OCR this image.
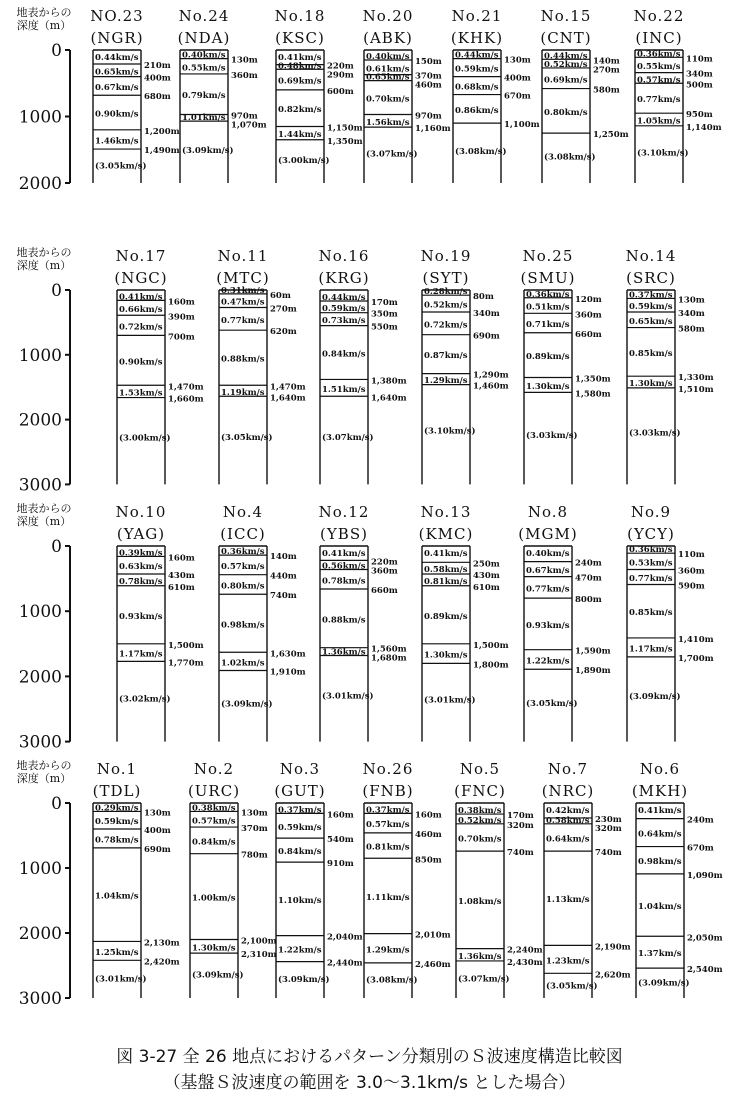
地表からの
深度（m）
0
1000
2000
NO.23
(NGR)
0.44km/s
0.65km/s
0.67km/s
0.90km/s
1.46km/s
(3.05km/s)
210m
400m
680m
1,200m
1,490m
No.24
(NDA)
0.40km/s
0.55km/s
0.79km/s
1.01km/s
(3.09km/s)
130m
360m
970m
1,070m
No.18
(KSC)
0.41km/s
0.48km/s
0.69km/s
0.82km/s
1.44km/s
(3.00km/s)
220m
290m
600m
1,150m
1,350m
No.20
(ABK)
0.40km/s
0.61km/s
0.65km/s
0.70km/s
1.56km/s
(3.07km/s)
150m
370m
460m
970m
1,160m
No.21
(KHK)
0.44km/s
0.59km/s
0.68km/s
0.86km/s
(3.08km/s)
130m
400m
670m
1,100m
No.15
(CNT)
0.44km/s
0.52km/s
0.69km/s
0.80km/s
(3.08km/s)
140m
270m
580m
1,250m
No.22
(INC)
0.36km/s
0.55km/s
0.57km/s
0.77km/s
1.05km/s
(3.10km/s)
110m
340m
500m
950m
1,140m
地表からの
深度（m）
0
1000
2000
3000
No.17
(NGC)
0.41km/s
0.66km/s
0.72km/s
0.90km/s
1.53km/s
(3.00km/s)
160m
390m
700m
1,470m
1,660m
No.11
(MTC)
0.31km/s
0.47km/s
0.77km/s
0.88km/s
1.19km/s
(3.05km/s)
60m
270m
620m
1,470m
1,640m
No.16
(KRG)
0.44km/s
0.59km/s
0.73km/s
0.84km/s
1.51km/s
(3.07km/s)
170m
350m
550m
1,380m
1,640m
No.19
(SYT)
0.28km/s
0.52km/s
0.72km/s
0.87km/s
1.29km/s
(3.10km/s)
80m
340m
690m
1,290m
1,460m
No.25
(SMU)
0.36km/s
0.51km/s
0.71km/s
0.89km/s
1.30km/s
(3.03km/s)
120m
360m
660m
1,350m
1,580m
No.14
(SRC)
0.37km/s
0.59km/s
0.65km/s
0.85km/s
1.30km/s
(3.03km/s)
130m
340m
580m
1,330m
1,510m
地表からの
深度（m）
0
1000
2000
3000
No.10
(YAG)
0.39km/s
0.63km/s
0.78km/s
0.93km/s
1.17km/s
(3.02km/s)
160m
430m
610m
1,500m
1,770m
No.4
(ICC)
0.36km/s
0.57km/s
0.80km/s
0.98km/s
1.02km/s
(3.09km/s)
140m
440m
740m
1,630m
1,910m
No.12
(YBS)
0.41km/s
0.56km/s
0.78km/s
0.88km/s
1.36km/s
(3.01km/s)
220m
360m
660m
1,560m
1,680m
No.13
(KMC)
0.41km/s
0.58km/s
0.81km/s
0.89km/s
1.30km/s
(3.01km/s)
250m
430m
610m
1,500m
1,800m
No.8
(MGM)
0.40km/s
0.67km/s
0.77km/s
0.93km/s
1.22km/s
(3.05km/s)
240m
470m
800m
1,590m
1,890m
No.9
(YCY)
0.36km/s
0.53km/s
0.77km/s
0.85km/s
1.17km/s
(3.09km/s)
110m
360m
590m
1,410m
1,700m
地表からの
深度（m）
0
1000
2000
3000
No.1
(TDL)
0.29km/s
0.59km/s
0.78km/s
1.04km/s
1.25km/s
(3.01km/s)
130m
400m
690m
2,130m
2,420m
No.2
(URC)
0.38km/s
0.57km/s
0.84km/s
1.00km/s
1.30km/s
(3.09km/s)
130m
370m
780m
2,100m
2,310m
No.3
(GUT)
0.37km/s
0.59km/s
0.84km/s
1.10km/s
1.22km/s
(3.09km/s)
160m
540m
910m
2,040m
2,440m
No.26
(FNB)
0.37km/s
0.57km/s
0.81km/s
1.11km/s
1.29km/s
(3.08km/s)
160m
460m
850m
2,010m
2,460m
No.5
(FNC)
0.38km/s
0.52km/s
0.70km/s
1.08km/s
1.36km/s
(3.07km/s)
170m
320m
740m
2,240m
2,430m
No.7
(NRC)
0.42km/s
0.58km/s
0.64km/s
1.13km/s
1.23km/s
(3.05km/s)
230m
320m
740m
2,190m
2,620m
No.6
(MKH)
0.41km/s
0.64km/s
0.98km/s
1.04km/s
1.37km/s
(3.09km/s)
240m
670m
1,090m
2,050m
2,540m
図 3-27 全 26 地点におけるパターン分類別のＳ波速度構造比較図
（基盤Ｓ波速度の範囲を 3.0〜3.1km/s とした場合）
